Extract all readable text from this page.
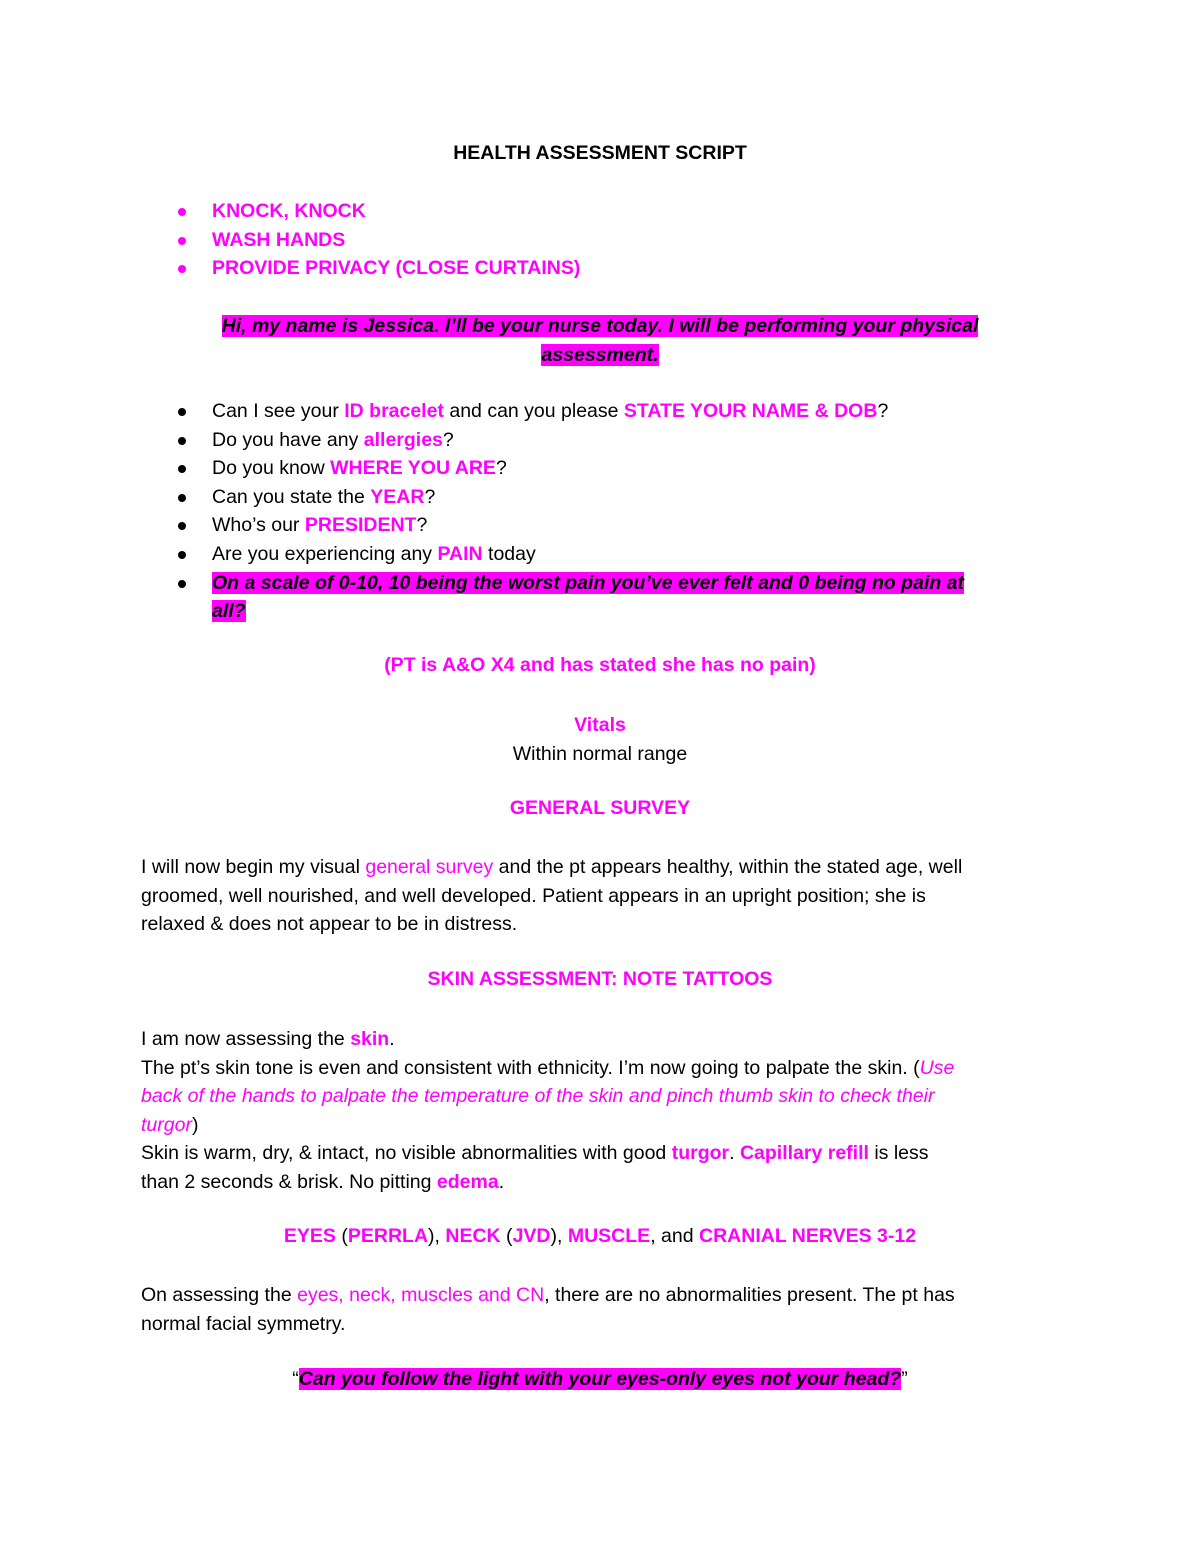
HEALTH ASSESSMENT SCRIPT
KNOCK, KNOCK
WASH HANDS
PROVIDE PRIVACY (CLOSE CURTAINS)
Hi, my name is Jessica. I’ll be your nurse today. I will be performing your physical
assessment.
Can I see your ID bracelet and can you please STATE YOUR NAME & DOB?
Do you have any allergies?
Do you know WHERE YOU ARE?
Can you state the YEAR?
Who’s our PRESIDENT?
Are you experiencing any PAIN today
On a scale of 0-10, 10 being the worst pain you’ve ever felt and 0 being no pain at
all?
(PT is A&O X4 and has stated she has no pain)
Vitals
Within normal range
GENERAL SURVEY
I will now begin my visual general survey and the pt appears healthy, within the stated age, well
groomed, well nourished, and well developed. Patient appears in an upright position; she is
relaxed & does not appear to be in distress.
SKIN ASSESSMENT: NOTE TATTOOS
I am now assessing the skin.
The pt’s skin tone is even and consistent with ethnicity. I’m now going to palpate the skin. (Use
back of the hands to palpate the temperature of the skin and pinch thumb skin to check their
turgor)
Skin is warm, dry, & intact, no visible abnormalities with good turgor. Capillary refill is less
than 2 seconds & brisk. No pitting edema.
EYES (PERRLA), NECK (JVD), MUSCLE, and CRANIAL NERVES 3-12
On assessing the eyes, neck, muscles and CN, there are no abnormalities present. The pt has
normal facial symmetry.
“Can you follow the light with your eyes-only eyes not your head?”
